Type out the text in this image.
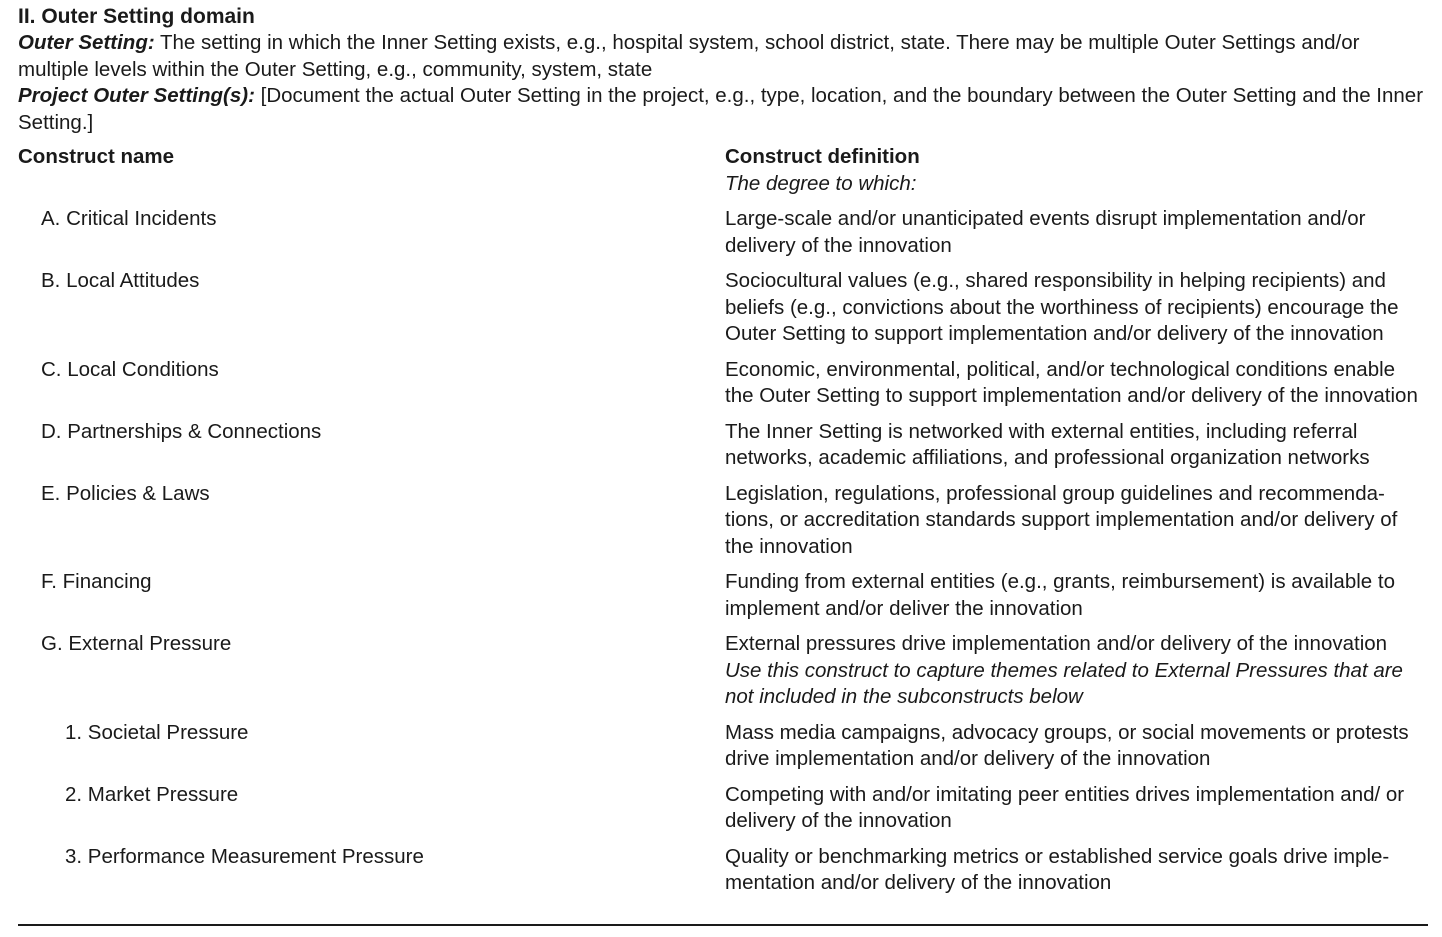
II. Outer Setting domain

Outer Setting: The setting in which the Inner Setting exists, e.g., hospital system, school district, state. There may be multiple Outer Settings and/or multiple levels within the Outer Setting, e.g., community, system, state

Project Outer Setting(s): [Document the actual Outer Setting in the project, e.g., type, location, and the boundary between the Outer Setting and the Inner Setting.]

Construct name	Construct definition
The degree to which:
A. Critical Incidents	Large-scale and/or unanticipated events disrupt implementation and/or delivery of the innovation
B. Local Attitudes	Sociocultural values (e.g., shared responsibility in helping recipients) and beliefs (e.g., convictions about the worthiness of recipients) encourage the Outer Setting to support implementation and/or delivery of the innovation
C. Local Conditions	Economic, environmental, political, and/or technological conditions enable the Outer Setting to support implementation and/or delivery of the innovation
D. Partnerships & Connections	The Inner Setting is networked with external entities, including referral networks, academic affiliations, and professional organization networks
E. Policies & Laws	Legislation, regulations, professional group guidelines and recommenda-tions, or accreditation standards support implementation and/or delivery of the innovation
F. Financing	Funding from external entities (e.g., grants, reimbursement) is available to implement and/or deliver the innovation
G. External Pressure	External pressures drive implementation and/or delivery of the innovation
Use this construct to capture themes related to External Pressures that are not included in the subconstructs below
1. Societal Pressure	Mass media campaigns, advocacy groups, or social movements or protests drive implementation and/or delivery of the innovation
2. Market Pressure	Competing with and/or imitating peer entities drives implementation and/ or delivery of the innovation
3. Performance Measurement Pressure	Quality or benchmarking metrics or established service goals drive imple-mentation and/or delivery of the innovation
